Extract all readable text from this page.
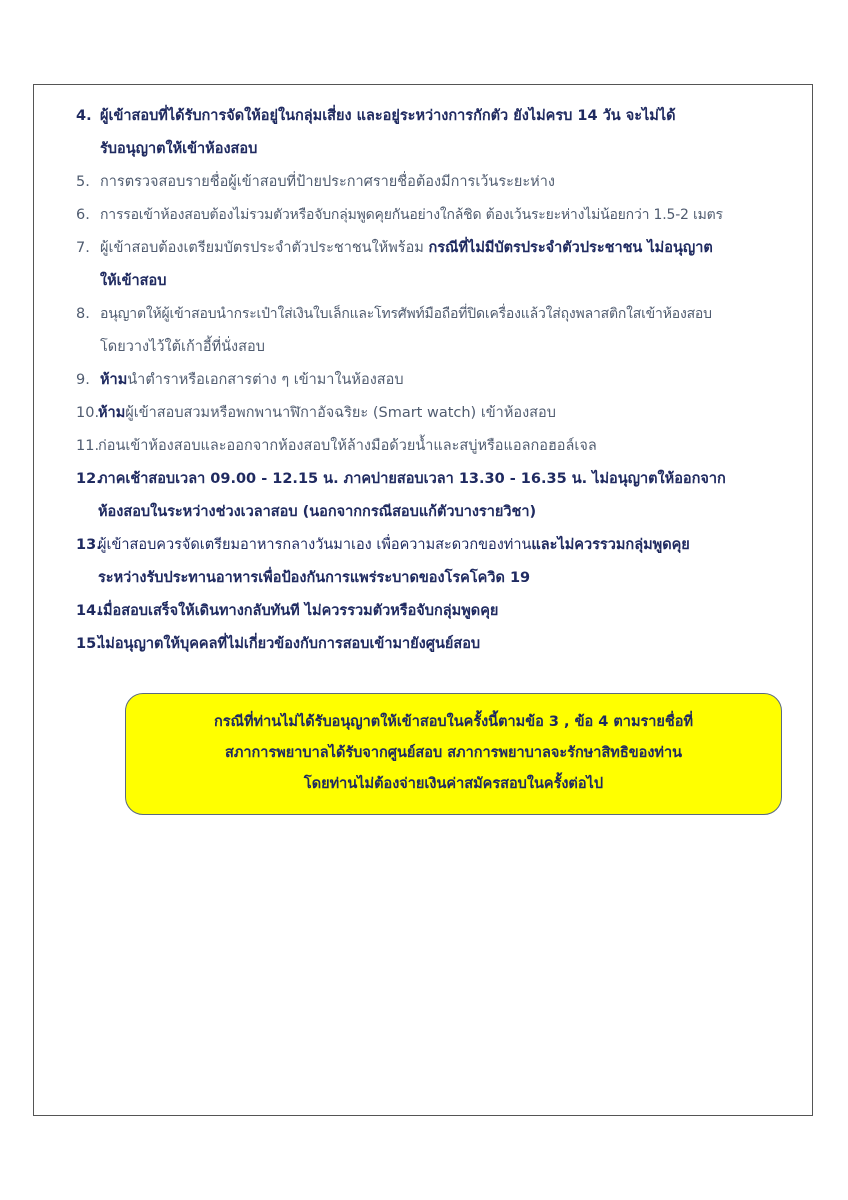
4. ผู้เข้าสอบที่ได้รับการจัดให้อยู่ในกลุ่มเสี่ยง และอยู่ระหว่างการกักตัว ยังไม่ครบ 14 วัน จะไม่ได้
รับอนุญาตให้เข้าห้องสอบ
5. การตรวจสอบรายชื่อผู้เข้าสอบที่ป้ายประกาศรายชื่อต้องมีการเว้นระยะห่าง
6. การรอเข้าห้องสอบต้องไม่รวมตัวหรือจับกลุ่มพูดคุยกันอย่างใกล้ชิด ต้องเว้นระยะห่างไม่น้อยกว่า 1.5-2 เมตร
7. ผู้เข้าสอบต้องเตรียมบัตรประจำตัวประชาชนให้พร้อม กรณีที่ไม่มีบัตรประจำตัวประชาชน ไม่อนุญาต
ให้เข้าสอบ
8. อนุญาตให้ผู้เข้าสอบนำกระเป๋าใส่เงินใบเล็กและโทรศัพท์มือถือที่ปิดเครื่องแล้วใส่ถุงพลาสติกใสเข้าห้องสอบ
โดยวางไว้ใต้เก้าอี้ที่นั่งสอบ
9. ห้ามนำตำราหรือเอกสารต่าง ๆ เข้ามาในห้องสอบ
10.
ห้ามผู้เข้าสอบสวมหรือพกพานาฬิกาอัจฉริยะ (Smart watch) เข้าห้องสอบ
11.
ก่อนเข้าห้องสอบและออกจากห้องสอบให้ล้างมือด้วยน้ำและสบู่หรือแอลกอฮอล์เจล
12.
ภาคเช้าสอบเวลา 09.00 - 12.15 น. ภาคบ่ายสอบเวลา 13.30 - 16.35 น. ไม่อนุญาตให้ออกจาก
ห้องสอบในระหว่างช่วงเวลาสอบ (นอกจากกรณีสอบแก้ตัวบางรายวิชา)
13.
ผู้เข้าสอบควรจัดเตรียมอาหารกลางวันมาเอง เพื่อความสะดวกของท่านและไม่ควรรวมกลุ่มพูดคุย
ระหว่างรับประทานอาหารเพื่อป้องกันการแพร่ระบาดของโรคโควิด 19
14.
เมื่อสอบเสร็จให้เดินทางกลับทันที ไม่ควรรวมตัวหรือจับกลุ่มพูดคุย
15.
ไม่อนุญาตให้บุคคลที่ไม่เกี่ยวข้องกับการสอบเข้ามายังศูนย์สอบ
กรณีที่ท่านไม่ได้รับอนุญาตให้เข้าสอบในครั้งนี้ตามข้อ 3 , ข้อ 4 ตามรายชื่อที่
สภาการพยาบาลได้รับจากศูนย์สอบ สภาการพยาบาลจะรักษาสิทธิของท่าน
โดยท่านไม่ต้องจ่ายเงินค่าสมัครสอบในครั้งต่อไป
